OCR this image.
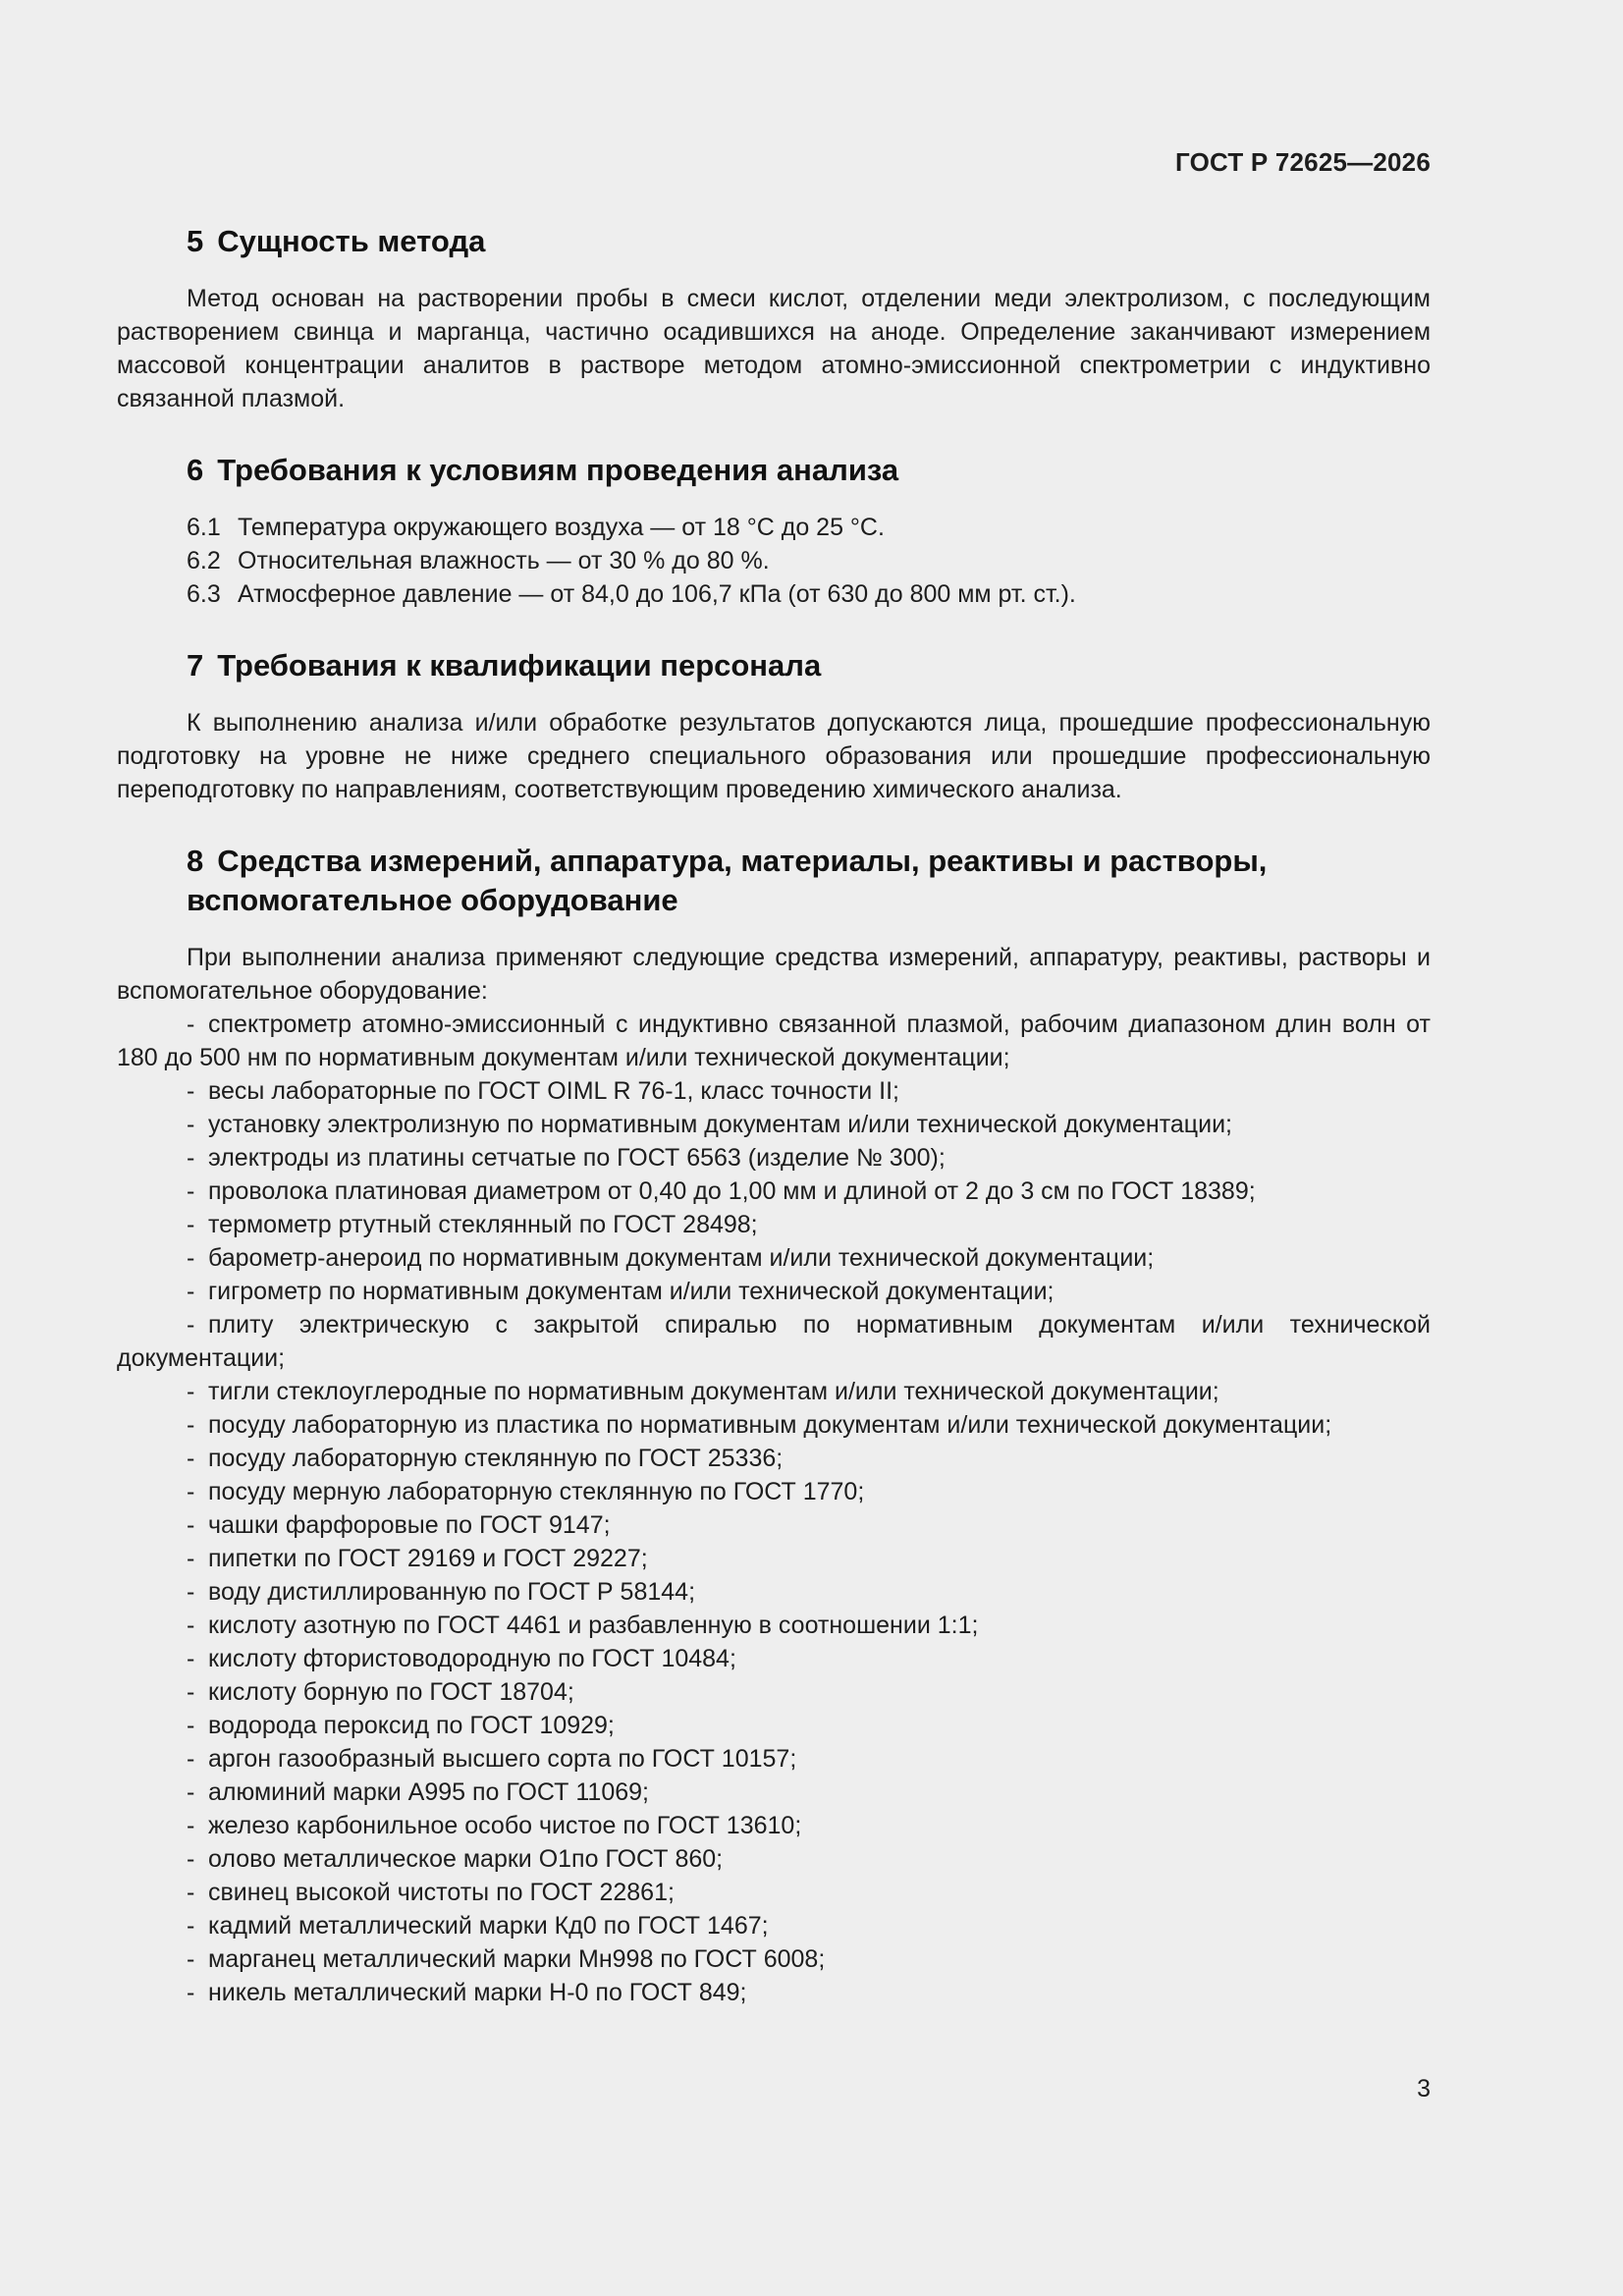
ГОСТ Р 72625—2026
5 Сущность метода

Метод основан на растворении пробы в смеси кислот, отделении меди электролизом, с последующим растворением свинца и марганца, частично осадившихся на аноде. Определение заканчивают измерением массовой концентрации аналитов в растворе методом атомно-эмиссионной спектрометрии с индуктивно связанной плазмой.

6 Требования к условиям проведения анализа

6.1 Температура окружающего воздуха — от 18 °С до 25 °С.

6.2 Относительная влажность — от 30 % до 80 %.

6.3 Атмосферное давление — от 84,0 до 106,7 кПа (от 630 до 800 мм рт. ст.).

7 Требования к квалификации персонала

К выполнению анализа и/или обработке результатов допускаются лица, прошедшие профессиональную подготовку на уровне не ниже среднего специального образования или прошедшие профессиональную переподготовку по направлениям, соответствующим проведению химического анализа.

8 Средства измерений, аппаратура, материалы, реактивы и растворы,
вспомогательное оборудование

При выполнении анализа применяют следующие средства измерений, аппаратуру, реактивы, растворы и вспомогательное оборудование:

- спектрометр атомно-эмиссионный с индуктивно связанной плазмой, рабочим диапазоном длин волн от 180 до 500 нм по нормативным документам и/или технической документации;

- весы лабораторные по ГОСТ OIML R 76-1, класс точности II;

- установку электролизную по нормативным документам и/или технической документации;

- электроды из платины сетчатые по ГОСТ 6563 (изделие № 300);

- проволока платиновая диаметром от 0,40 до 1,00 мм и длиной от 2 до 3 см по ГОСТ 18389;

- термометр ртутный стеклянный по ГОСТ 28498;

- барометр-анероид по нормативным документам и/или технической документации;

- гигрометр по нормативным документам и/или технической документации;

- плиту электрическую с закрытой спиралью по нормативным документам и/или технической документации;

- тигли стеклоуглеродные по нормативным документам и/или технической документации;

- посуду лабораторную из пластика по нормативным документам и/или технической документации;

- посуду лабораторную стеклянную по ГОСТ 25336;

- посуду мерную лабораторную стеклянную по ГОСТ 1770;

- чашки фарфоровые по ГОСТ 9147;

- пипетки по ГОСТ 29169 и ГОСТ 29227;

- воду дистиллированную по ГОСТ Р 58144;

- кислоту азотную по ГОСТ 4461 и разбавленную в соотношении 1:1;

- кислоту фтористоводородную по ГОСТ 10484;

- кислоту борную по ГОСТ 18704;

- водорода пероксид по ГОСТ 10929;

- аргон газообразный высшего сорта по ГОСТ 10157;

- алюминий марки А995 по ГОСТ 11069;

- железо карбонильное особо чистое по ГОСТ 13610;

- олово металлическое марки О1по ГОСТ 860;

- свинец высокой чистоты по ГОСТ 22861;

- кадмий металлический марки Кд0 по ГОСТ 1467;

- марганец металлический марки Мн998 по ГОСТ 6008;

- никель металлический марки Н-0 по ГОСТ 849;

3
